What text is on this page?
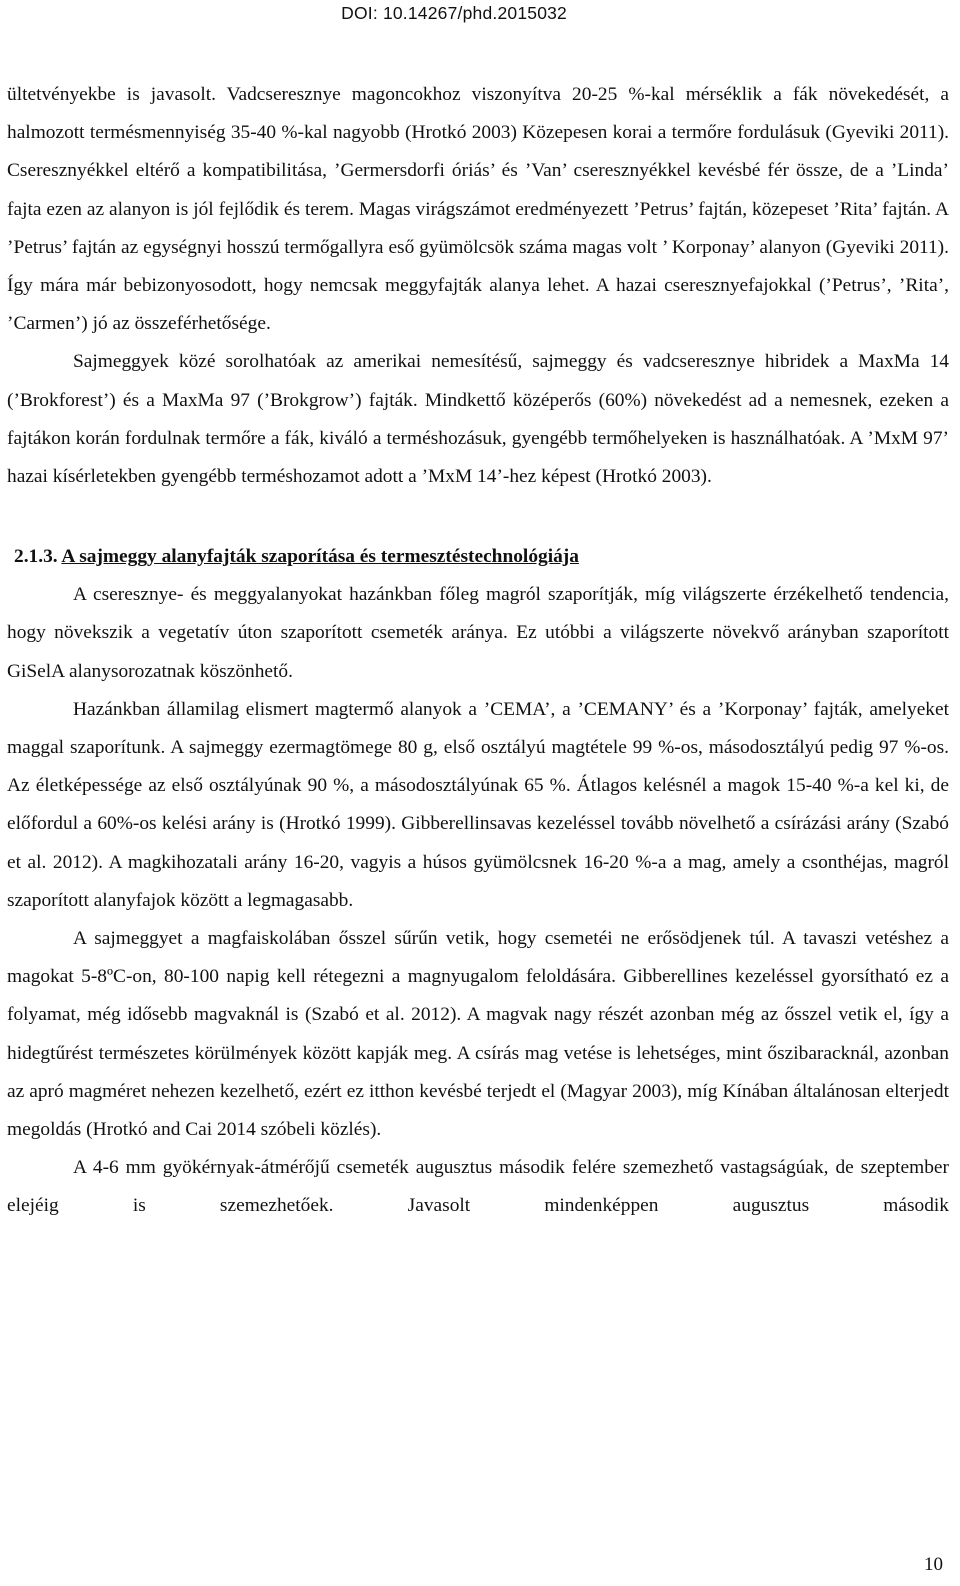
DOI: 10.14267/phd.2015032

ültetvényekbe is javasolt. Vadcseresznye magoncokhoz viszonyítva 20-25 %-kal mérséklik a fák növekedését, a halmozott termésmennyiség 35-40 %-kal nagyobb (Hrotkó 2003) Közepesen korai a termőre fordulásuk (Gyeviki 2011). Cseresznyékkel eltérő a kompatibilitása, ’Germersdorfi óriás’ és ’Van’ cseresznyékkel kevésbé fér össze, de a ’Linda’ fajta ezen az alanyon is jól fejlődik és terem. Magas virágszámot eredményezett ’Petrus’ fajtán, közepeset ’Rita’ fajtán. A ’Petrus’ fajtán az egységnyi hosszú termőgallyra eső gyümölcsök száma magas volt ’ Korponay’ alanyon (Gyeviki 2011). Így mára már bebizonyosodott, hogy nemcsak meggyfajták alanya lehet. A hazai cseresznyefajokkal (’Petrus’, ’Rita’, ’Carmen’) jó az összeférhetősége.

Sajmeggyek közé sorolhatóak az amerikai nemesítésű, sajmeggy és vadcseresznye hibridek a MaxMa 14 (’Brokforest’) és a MaxMa 97 (’Brokgrow’) fajták. Mindkettő középerős (60%) növekedést ad a nemesnek, ezeken a fajtákon korán fordulnak termőre a fák, kiváló a terméshozásuk, gyengébb termőhelyeken is használhatóak. A ’MxM 97’ hazai kísérletekben gyengébb terméshozamot adott a ’MxM 14’-hez képest (Hrotkó 2003).

2.1.3. A sajmeggy alanyfajták szaporítása és termesztéstechnológiája

A cseresznye- és meggyalanyokat hazánkban főleg magról szaporítják, míg világszerte érzékelhető tendencia, hogy növekszik a vegetatív úton szaporított csemeték aránya. Ez utóbbi a világszerte növekvő arányban szaporított GiSelA alanysorozatnak köszönhető.

Hazánkban államilag elismert magtermő alanyok a ’CEMA’, a ’CEMANY’ és a ’Korponay’ fajták, amelyeket maggal szaporítunk. A sajmeggy ezermagtömege 80 g, első osztályú magtétele 99 %-os, másodosztályú pedig 97 %-os. Az életképessége az első osztályúnak 90 %, a másodosztályúnak 65 %. Átlagos kelésnél a magok 15-40 %-a kel ki, de előfordul a 60%-os kelési arány is (Hrotkó 1999). Gibberellinsavas kezeléssel tovább növelhető a csírázási arány (Szabó et al. 2012). A magkihozatali arány 16-20, vagyis a húsos gyümölcsnek 16-20 %-a a mag, amely a csonthéjas, magról szaporított alanyfajok között a legmagasabb.

A sajmeggyet a magfaiskolában ősszel sűrűn vetik, hogy csemetéi ne erősödjenek túl. A tavaszi vetéshez a magokat 5-8ºC-on, 80-100 napig kell rétegezni a magnyugalom feloldására. Gibberellines kezeléssel gyorsítható ez a folyamat, még idősebb magvaknál is (Szabó et al. 2012). A magvak nagy részét azonban még az ősszel vetik el, így a hidegtűrést természetes körülmények között kapják meg. A csírás mag vetése is lehetséges, mint őszibaracknál, azonban az apró magméret nehezen kezelhető, ezért ez itthon kevésbé terjedt el (Magyar 2003), míg Kínában általánosan elterjedt megoldás (Hrotkó and Cai 2014 szóbeli közlés).

A 4-6 mm gyökérnyak-átmérőjű csemeték augusztus második felére szemezhető vastagságúak, de szeptember elejéig is szemezhetőek. Javasolt mindenképpen augusztus második

10
